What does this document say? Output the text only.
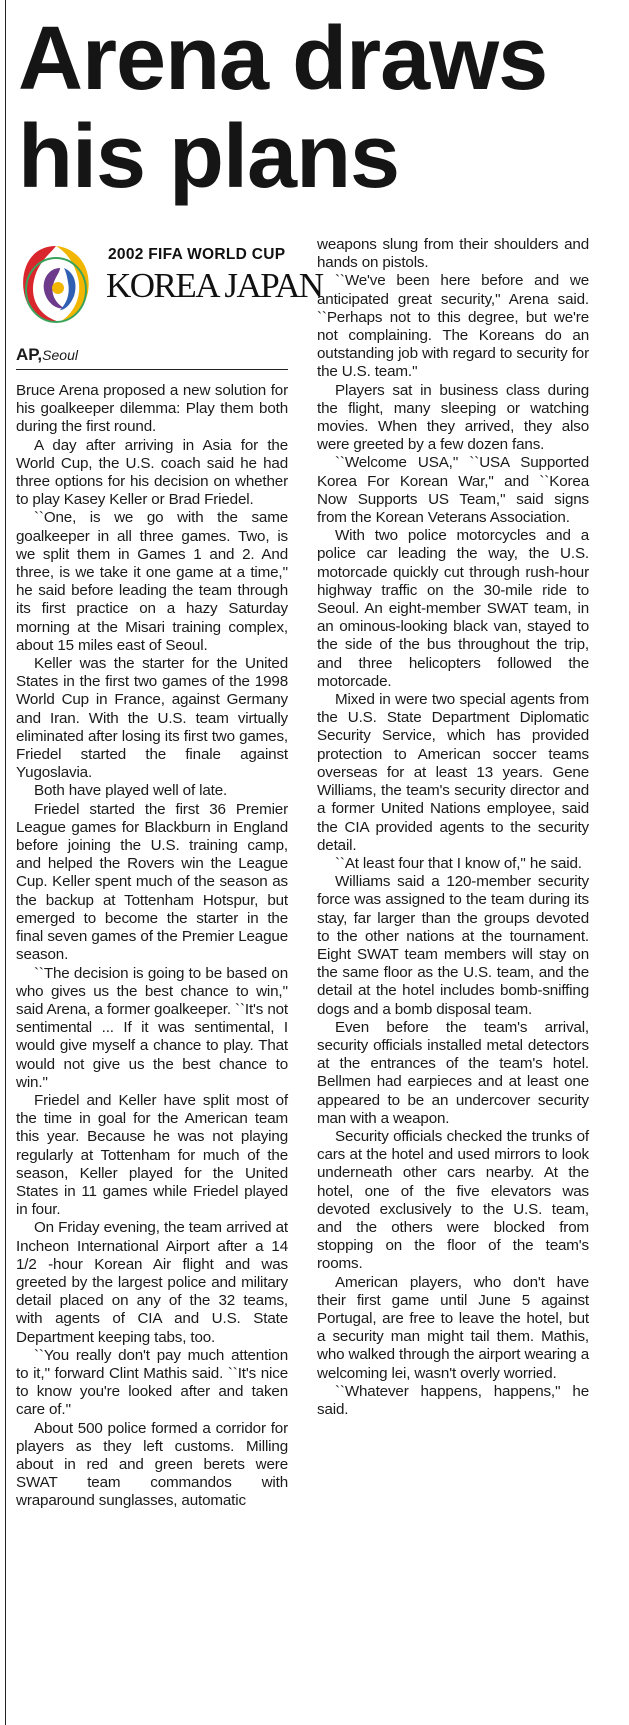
Arena draws his plans
2002 FIFA WORLD CUP
KOREA JAPAN
AP,Seoul

Bruce Arena proposed a new solution for his goalkeeper dilemma: Play them both during the first round.

A day after arriving in Asia for the World Cup, the U.S. coach said he had three options for his decision on whether to play Kasey Keller or Brad Friedel.

``One, is we go with the same goalkeeper in all three games. Two, is we split them in Games 1 and 2. And three, is we take it one game at a time,'' he said before leading the team through its first practice on a hazy Saturday morning at the Misari training complex, about 15 miles east of Seoul.

Keller was the starter for the United States in the first two games of the 1998 World Cup in France, against Germany and Iran. With the U.S. team virtually eliminated after losing its first two games, Friedel started the finale against Yugoslavia.

Both have played well of late.

Friedel started the first 36 Premier League games for Blackburn in England before joining the U.S. training camp, and helped the Rovers win the League Cup. Keller spent much of the season as the backup at Tottenham Hotspur, but emerged to become the starter in the final seven games of the Premier League season.

``The decision is going to be based on who gives us the best chance to win,'' said Arena, a former goalkeeper. ``It's not sentimental ... If it was sentimental, I would give myself a chance to play. That would not give us the best chance to win.''

Friedel and Keller have split most of the time in goal for the American team this year. Because he was not playing regularly at Tottenham for much of the season, Keller played for the United States in 11 games while Friedel played in four.

On Friday evening, the team arrived at Incheon International Airport after a 14 1/2 -hour Korean Air flight and was greeted by the largest police and military detail placed on any of the 32 teams, with agents of CIA and U.S. State Department keeping tabs, too.

``You really don't pay much attention to it,'' forward Clint Mathis said. ``It's nice to know you're looked after and taken care of.''

About 500 police formed a corridor for players as they left customs. Milling about in red and green berets were SWAT team commandos with wraparound sunglasses, automatic

weapons slung from their shoulders and hands on pistols.

``We've been here before and we anticipated great security,'' Arena said. ``Perhaps not to this degree, but we're not complaining. The Koreans do an outstanding job with regard to security for the U.S. team.''

Players sat in business class during the flight, many sleeping or watching movies. When they arrived, they also were greeted by a few dozen fans.

``Welcome USA,'' ``USA Supported Korea For Korean War,'' and ``Korea Now Supports US Team,'' said signs from the Korean Veterans Association.

With two police motorcycles and a police car leading the way, the U.S. motorcade quickly cut through rush-hour highway traffic on the 30-mile ride to Seoul. An eight-member SWAT team, in an ominous-looking black van, stayed to the side of the bus throughout the trip, and three helicopters followed the motorcade.

Mixed in were two special agents from the U.S. State Department Diplomatic Security Service, which has provided protection to American soccer teams overseas for at least 13 years. Gene Williams, the team's security director and a former United Nations employee, said the CIA provided agents to the security detail.

``At least four that I know of,'' he said.

Williams said a 120-member security force was assigned to the team during its stay, far larger than the groups devoted to the other nations at the tournament. Eight SWAT team members will stay on the same floor as the U.S. team, and the detail at the hotel includes bomb-sniffing dogs and a bomb disposal team.

Even before the team's arrival, security officials installed metal detectors at the entrances of the team's hotel. Bellmen had earpieces and at least one appeared to be an undercover security man with a weapon.

Security officials checked the trunks of cars at the hotel and used mirrors to look underneath other cars nearby. At the hotel, one of the five elevators was devoted exclusively to the U.S. team, and the others were blocked from stopping on the floor of the team's rooms.

American players, who don't have their first game until June 5 against Portugal, are free to leave the hotel, but a security man might tail them. Mathis, who walked through the airport wearing a welcoming lei, wasn't overly worried.

``Whatever happens, happens,'' he said.
